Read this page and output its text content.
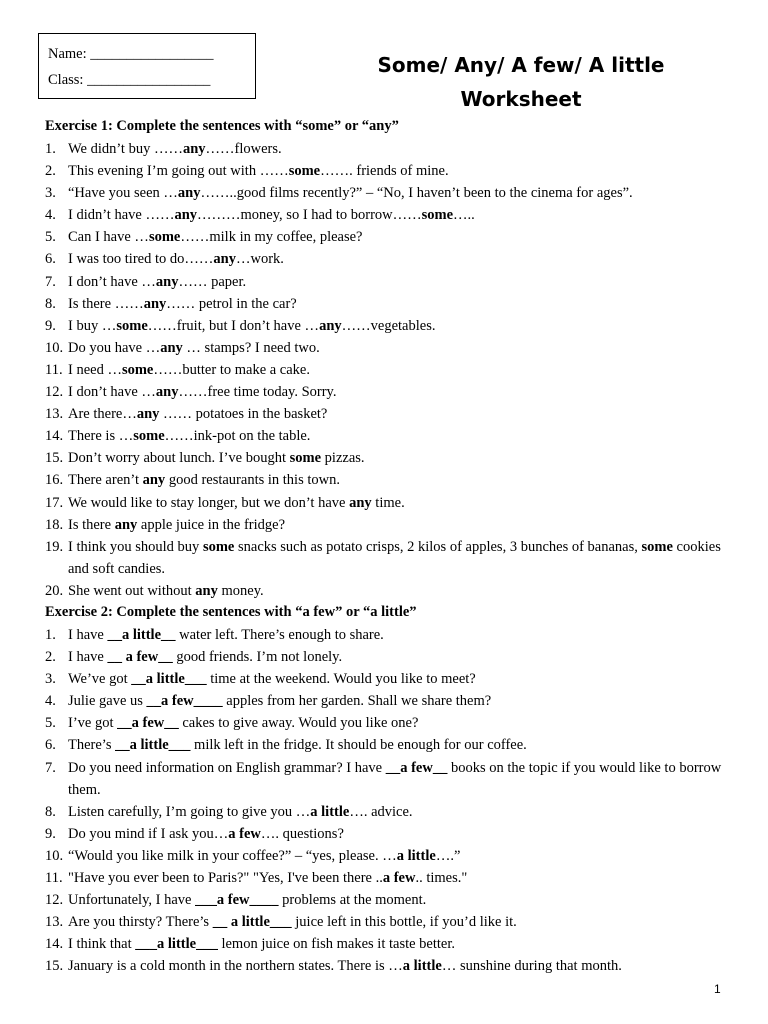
Name: _________________
Class: _________________
Some/ Any/ A few/ A little
Worksheet
Exercise 1: Complete the sentences with “some” or “any”
1. We didn’t buy ……any……flowers.
2. This evening I’m going out with ……some……. friends of mine.
3. “Have you seen …any……..good films recently?” – “No, I haven’t been to the cinema for ages”.
4. I didn’t have ……any………money, so I had to borrow……some…..
5. Can I have …some……milk in my coffee, please?
6. I was too tired to do……any…work.
7. I don’t have …any…… paper.
8. Is there ……any…… petrol in the car?
9. I buy …some……fruit, but I don’t have …any……vegetables.
10. Do you have …any … stamps? I need two.
11. I need …some……butter to make a cake.
12. I don’t have …any……free time today. Sorry.
13. Are there…any …… potatoes in the basket?
14. There is …some……ink-pot on the table.
15. Don’t worry about lunch. I’ve bought some pizzas.
16. There aren’t any good restaurants in this town.
17. We would like to stay longer, but we don’t have any time.
18. Is there any apple juice in the fridge?
19. I think you should buy some snacks such as potato crisps, 2 kilos of apples, 3 bunches of bananas, some cookies and soft candies.
20. She went out without any money.
Exercise 2: Complete the sentences with “a few” or “a little”
1. I have __a little__ water left. There’s enough to share.
2. I have __ a few__ good friends. I’m not lonely.
3. We’ve got __a little___ time at the weekend. Would you like to meet?
4. Julie gave us __a few____ apples from her garden. Shall we share them?
5. I’ve got __a few__ cakes to give away. Would you like one?
6. There’s __a little___ milk left in the fridge. It should be enough for our coffee.
7. Do you need information on English grammar? I have __a few__ books on the topic if you would like to borrow them.
8. Listen carefully, I’m going to give you …a little…. advice.
9. Do you mind if I ask you…a few…. questions?
10. “Would you like milk in your coffee?” – “yes, please. …a little….”
11. "Have you ever been to Paris?" "Yes, I've been there ..a few.. times."
12. Unfortunately, I have ___a few____ problems at the moment.
13. Are you thirsty? There’s __ a little___ juice left in this bottle, if you’d like it.
14. I think that ___a little___ lemon juice on fish makes it taste better.
15. January is a cold month in the northern states. There is …a little… sunshine during that month.
1
